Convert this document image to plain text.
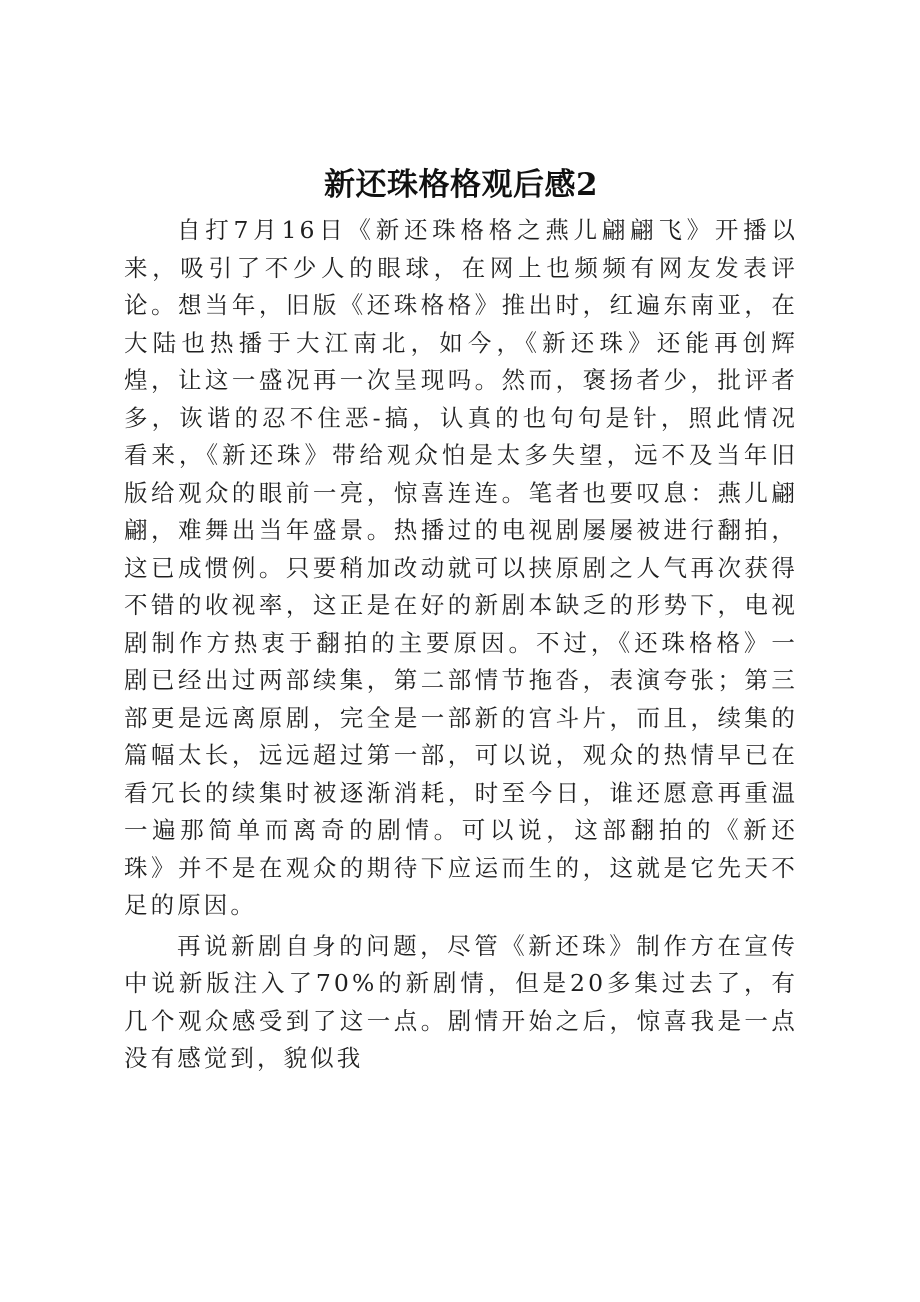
新还珠格格观后感2

自打7月16日《新还珠格格之燕儿翩翩飞》开播以来，吸引了不少人的眼球，在网上也频频有网友发表评论。想当年，旧版《还珠格格》推出时，红遍东南亚，在大陆也热播于大江南北，如今，《新还珠》还能再创辉煌，让这一盛况再一次呈现吗。然而，褒扬者少，批评者多，诙谐的忍不住恶-搞，认真的也句句是针，照此情况看来，《新还珠》带给观众怕是太多失望，远不及当年旧版给观众的眼前一亮，惊喜连连。笔者也要叹息：燕儿翩翩，难舞出当年盛景。热播过的电视剧屡屡被进行翻拍，这已成惯例。只要稍加改动就可以挟原剧之人气再次获得不错的收视率，这正是在好的新剧本缺乏的形势下，电视剧制作方热衷于翻拍的主要原因。不过，《还珠格格》一剧已经出过两部续集，第二部情节拖沓，表演夸张；第三部更是远离原剧，完全是一部新的宫斗片，而且，续集的篇幅太长，远远超过第一部，可以说，观众的热情早已在看冗长的续集时被逐渐消耗，时至今日，谁还愿意再重温一遍那简单而离奇的剧情。可以说，这部翻拍的《新还珠》并不是在观众的期待下应运而生的，这就是它先天不足的原因。

再说新剧自身的问题，尽管《新还珠》制作方在宣传中说新版注入了70%的新剧情，但是20多集过去了，有几个观众感受到了这一点。剧情开始之后，惊喜我是一点没有感觉到，貌似我
